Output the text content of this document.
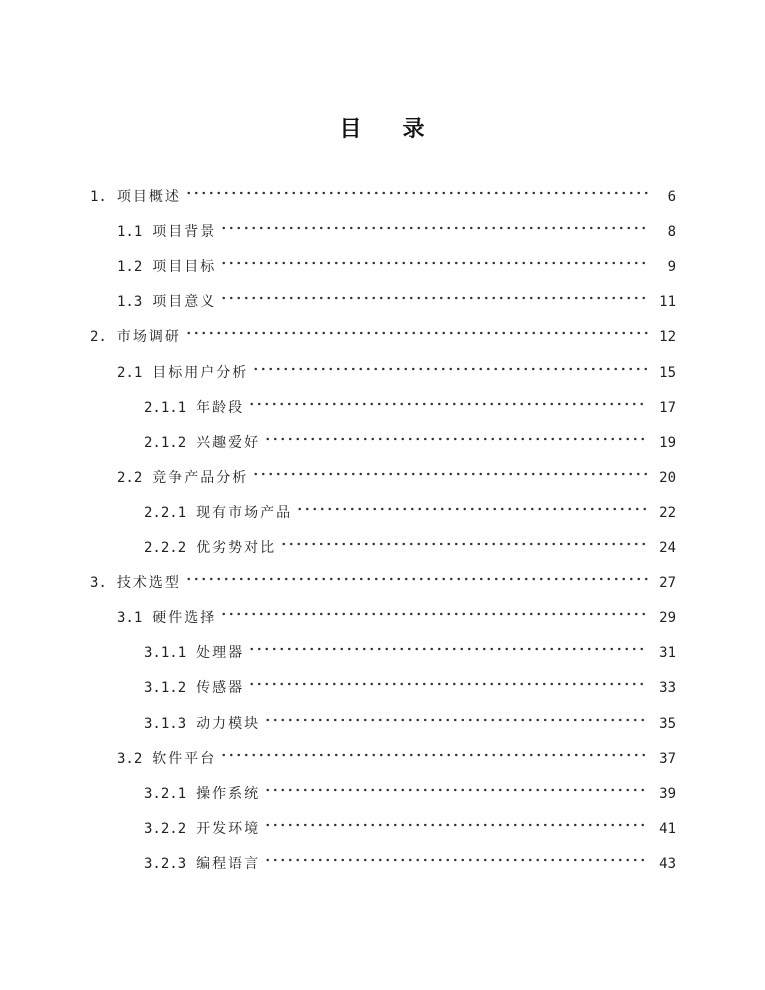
目 录
1. 项目概述	6
1.1 项目背景	8
1.2 项目目标	9
1.3 项目意义	11
2. 市场调研	12
2.1 目标用户分析	15
2.1.1 年龄段	17
2.1.2 兴趣爱好	19
2.2 竞争产品分析	20
2.2.1 现有市场产品	22
2.2.2 优劣势对比	24
3. 技术选型	27
3.1 硬件选择	29
3.1.1 处理器	31
3.1.2 传感器	33
3.1.3 动力模块	35
3.2 软件平台	37
3.2.1 操作系统	39
3.2.2 开发环境	41
3.2.3 编程语言	43
